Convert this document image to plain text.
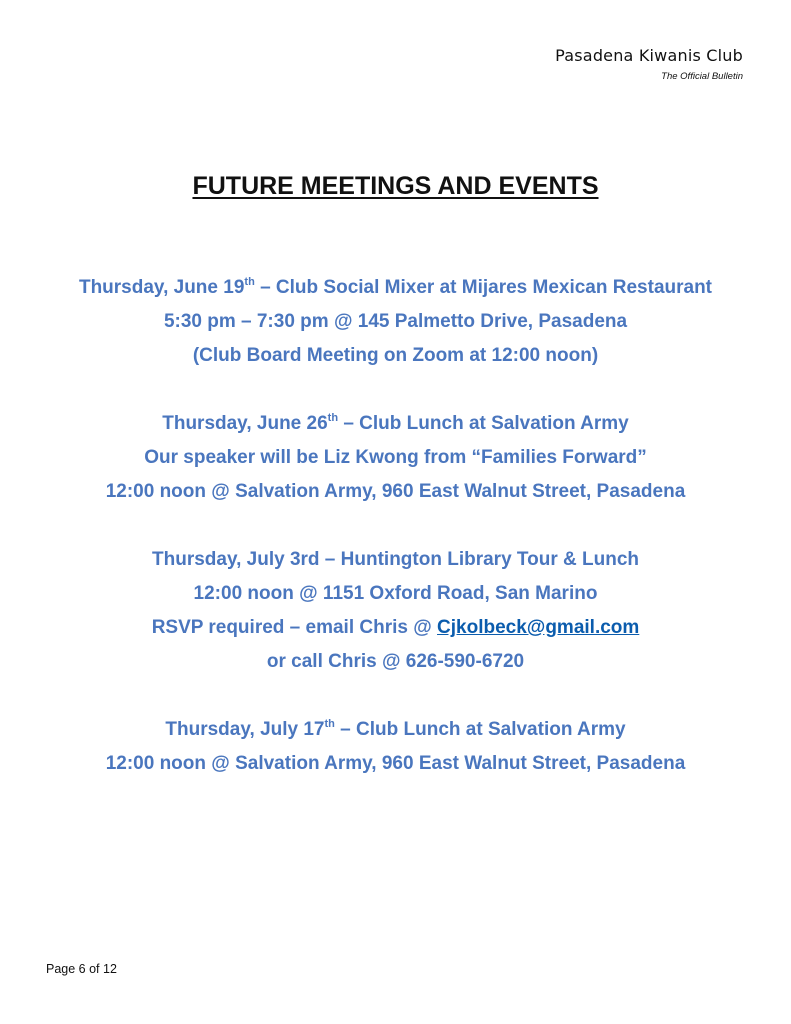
Pasadena Kiwanis Club
The Official Bulletin
FUTURE MEETINGS AND EVENTS
Thursday, June 19th – Club Social Mixer at Mijares Mexican Restaurant
5:30 pm – 7:30 pm @ 145 Palmetto Drive, Pasadena
(Club Board Meeting on Zoom at 12:00 noon)
Thursday, June 26th – Club Lunch at Salvation Army
Our speaker will be Liz Kwong from “Families Forward”
12:00 noon @ Salvation Army, 960 East Walnut Street, Pasadena
Thursday, July 3rd – Huntington Library Tour & Lunch
12:00 noon @ 1151 Oxford Road, San Marino
RSVP required – email Chris @ Cjkolbeck@gmail.com
or call Chris @ 626-590-6720
Thursday, July 17th – Club Lunch at Salvation Army
12:00 noon @ Salvation Army, 960 East Walnut Street, Pasadena
Page 6 of 12
